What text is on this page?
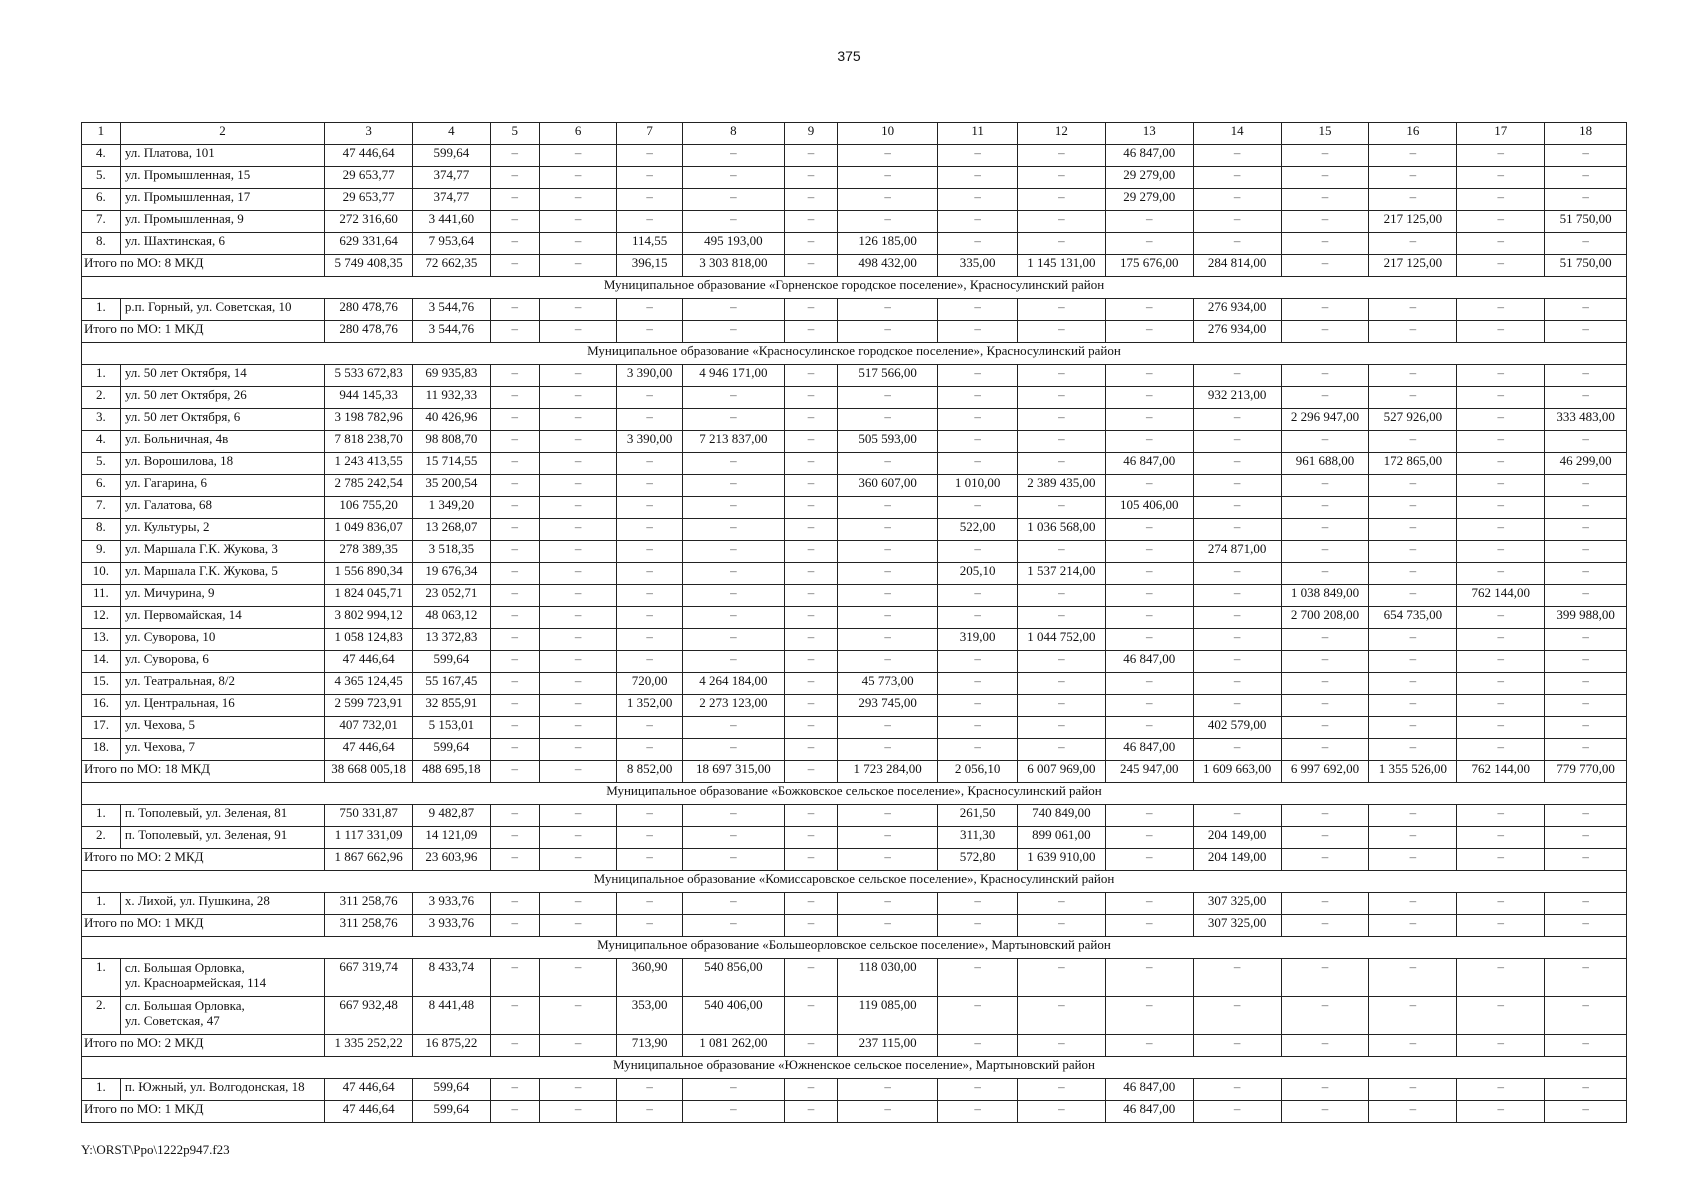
375
1	2	3	4	5	6	7	8	9	10	11	12	13	14	15	16	17	18
4.	ул. Платова, 101	47 446,64	599,64	–	–	–	–	–	–	–	–	46 847,00	–	–	–	–	–
5.	ул. Промышленная, 15	29 653,77	374,77	–	–	–	–	–	–	–	–	29 279,00	–	–	–	–	–
6.	ул. Промышленная, 17	29 653,77	374,77	–	–	–	–	–	–	–	–	29 279,00	–	–	–	–	–
7.	ул. Промышленная, 9	272 316,60	3 441,60	–	–	–	–	–	–	–	–	–	–	–	217 125,00	–	51 750,00
8.	ул. Шахтинская, 6	629 331,64	7 953,64	–	–	114,55	495 193,00	–	126 185,00	–	–	–	–	–	–	–	–
Итого по МО: 8 МКД		5 749 408,35	72 662,35	–	–	396,15	3 303 818,00	–	498 432,00	335,00	1 145 131,00	175 676,00	284 814,00	–	217 125,00	–	51 750,00
Муниципальное образование «Горненское городское поселение», Красносулинский район																	
1.	р.п. Горный, ул. Советская, 10	280 478,76	3 544,76	–	–	–	–	–	–	–	–	–	276 934,00	–	–	–	–
Итого по МО: 1 МКД		280 478,76	3 544,76	–	–	–	–	–	–	–	–	–	276 934,00	–	–	–	–
Муниципальное образование «Красносулинское городское поселение», Красносулинский район																	
1.	ул. 50 лет Октября, 14	5 533 672,83	69 935,83	–	–	3 390,00	4 946 171,00	–	517 566,00	–	–	–	–	–	–	–	–
2.	ул. 50 лет Октября, 26	944 145,33	11 932,33	–	–	–	–	–	–	–	–	–	932 213,00	–	–	–	–
3.	ул. 50 лет Октября, 6	3 198 782,96	40 426,96	–	–	–	–	–	–	–	–	–	–	2 296 947,00	527 926,00	–	333 483,00
4.	ул. Больничная, 4в	7 818 238,70	98 808,70	–	–	3 390,00	7 213 837,00	–	505 593,00	–	–	–	–	–	–	–	–
5.	ул. Ворошилова, 18	1 243 413,55	15 714,55	–	–	–	–	–	–	–	–	46 847,00	–	961 688,00	172 865,00	–	46 299,00
6.	ул. Гагарина, 6	2 785 242,54	35 200,54	–	–	–	–	–	360 607,00	1 010,00	2 389 435,00	–	–	–	–	–	–
7.	ул. Галатова, 68	106 755,20	1 349,20	–	–	–	–	–	–	–	–	105 406,00	–	–	–	–	–
8.	ул. Культуры, 2	1 049 836,07	13 268,07	–	–	–	–	–	–	522,00	1 036 568,00	–	–	–	–	–	–
9.	ул. Маршала Г.К. Жукова, 3	278 389,35	3 518,35	–	–	–	–	–	–	–	–	–	274 871,00	–	–	–	–
10.	ул. Маршала Г.К. Жукова, 5	1 556 890,34	19 676,34	–	–	–	–	–	–	205,10	1 537 214,00	–	–	–	–	–	–
11.	ул. Мичурина, 9	1 824 045,71	23 052,71	–	–	–	–	–	–	–	–	–	–	1 038 849,00	–	762 144,00	–
12.	ул. Первомайская, 14	3 802 994,12	48 063,12	–	–	–	–	–	–	–	–	–	–	2 700 208,00	654 735,00	–	399 988,00
13.	ул. Суворова, 10	1 058 124,83	13 372,83	–	–	–	–	–	–	319,00	1 044 752,00	–	–	–	–	–	–
14.	ул. Суворова, 6	47 446,64	599,64	–	–	–	–	–	–	–	–	46 847,00	–	–	–	–	–
15.	ул. Театральная, 8/2	4 365 124,45	55 167,45	–	–	720,00	4 264 184,00	–	45 773,00	–	–	–	–	–	–	–	–
16.	ул. Центральная, 16	2 599 723,91	32 855,91	–	–	1 352,00	2 273 123,00	–	293 745,00	–	–	–	–	–	–	–	–
17.	ул. Чехова, 5	407 732,01	5 153,01	–	–	–	–	–	–	–	–	–	402 579,00	–	–	–	–
18.	ул. Чехова, 7	47 446,64	599,64	–	–	–	–	–	–	–	–	46 847,00	–	–	–	–	–
Итого по МО: 18 МКД		38 668 005,18	488 695,18	–	–	8 852,00	18 697 315,00	–	1 723 284,00	2 056,10	6 007 969,00	245 947,00	1 609 663,00	6 997 692,00	1 355 526,00	762 144,00	779 770,00
Муниципальное образование «Божковское сельское поселение», Красносулинский район																	
1.	п. Тополевый, ул. Зеленая, 81	750 331,87	9 482,87	–	–	–	–	–	–	261,50	740 849,00	–	–	–	–	–	–
2.	п. Тополевый, ул. Зеленая, 91	1 117 331,09	14 121,09	–	–	–	–	–	–	311,30	899 061,00	–	204 149,00	–	–	–	–
Итого по МО: 2 МКД		1 867 662,96	23 603,96	–	–	–	–	–	–	572,80	1 639 910,00	–	204 149,00	–	–	–	–
Муниципальное образование «Комиссаровское сельское поселение», Красносулинский район																	
1.	х. Лихой, ул. Пушкина, 28	311 258,76	3 933,76	–	–	–	–	–	–	–	–	–	307 325,00	–	–	–	–
Итого по МО: 1 МКД		311 258,76	3 933,76	–	–	–	–	–	–	–	–	–	307 325,00	–	–	–	–
Муниципальное образование «Большеорловское сельское поселение», Мартыновский район																	
1.	сл. Большая Орловка,
ул. Красноармейская, 114	667 319,74	8 433,74	–	–	360,90	540 856,00	–	118 030,00	–	–	–	–	–	–	–	–
2.	сл. Большая Орловка,
ул. Советская, 47	667 932,48	8 441,48	–	–	353,00	540 406,00	–	119 085,00	–	–	–	–	–	–	–	–
Итого по МО: 2 МКД		1 335 252,22	16 875,22	–	–	713,90	1 081 262,00	–	237 115,00	–	–	–	–	–	–	–	–
Муниципальное образование «Южненское сельское поселение», Мартыновский район																	
1.	п. Южный, ул. Волгодонская, 18	47 446,64	599,64	–	–	–	–	–	–	–	–	46 847,00	–	–	–	–	–
Итого по МО: 1 МКД		47 446,64	599,64	–	–	–	–	–	–	–	–	46 847,00	–	–	–	–	–
Y:\ORST\Ppo\1222p947.f23
